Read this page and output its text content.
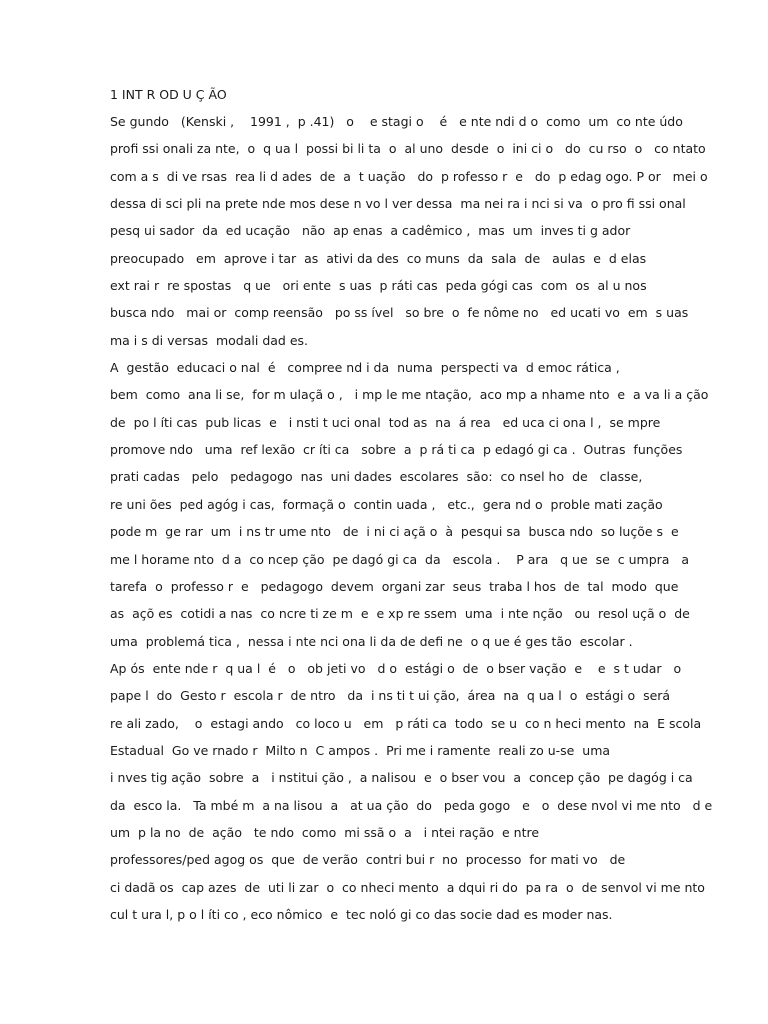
1 INT R OD U Ç ÃO
Se gundo   (Kenski ,    1991 ,  p .41)   o    e stagi o    é   e nte ndi d o  como  um  co nte údo
profi ssi onali za nte,  o  q ua l  possi bi li ta  o  al uno  desde  o  ini ci o   do  cu rso  o   co ntato
com a s  di ve rsas  rea li d ades  de  a  t uação   do  p rofesso r  e   do  p edag ogo. P or   mei o
dessa di sci pli na prete nde mos dese n vo l ver dessa  ma nei ra i nci si va  o pro fi ssi onal
pesq ui sador  da  ed ucação   não  ap enas  a cadêmico ,  mas  um  inves ti g ador
preocupado   em  aprove i tar  as  ativi da des  co muns  da  sala  de   aulas  e  d elas
ext rai r  re spostas   q ue   ori ente  s uas  p ráti cas  peda gógi cas  com  os  al u nos
busca ndo   mai or  comp reensão   po ss ível   so bre  o  fe nôme no   ed ucati vo  em  s uas
ma i s di versas  modali dad es.
A  gestão  educaci o nal  é   compree nd i da  numa  perspecti va  d emoc rática ,
bem  como  ana li se,  for m ulaçã o ,   i mp le me ntação,  aco mp a nhame nto  e  a va li a ção
de  po l íti cas  pub licas  e   i nsti t uci onal  tod as  na  á rea   ed uca ci ona l ,  se mpre
promove ndo   uma  ref lexão  cr íti ca   sobre  a  p rá ti ca  p edagó gi ca .  Outras  funções
prati cadas   pelo   pedagogo  nas  uni dades  escolares  são:  co nsel ho  de   classe,
re uni ões  ped agóg i cas,  formaçã o  contin uada ,   etc.,  gera nd o  proble mati zação
pode m  ge rar  um  i ns tr ume nto   de  i ni ci açã o  à  pesqui sa  busca ndo  so luçõe s  e
me l horame nto  d a  co ncep ção  pe dagó gi ca  da   escola .    P ara   q ue  se  c umpra   a
tarefa  o  professo r  e   pedagogo  devem  organi zar  seus  traba l hos  de  tal  modo  que
as  açõ es  cotidi a nas  co ncre ti ze m  e  e xp re ssem  uma  i nte nção   ou  resol uçã o  de
uma  problemá tica ,  nessa i nte nci ona li da de defi ne  o q ue é ges tão  escolar .
Ap ós  ente nde r  q ua l  é   o   ob jeti vo   d o  estági o  de  o bser vação  e    e  s t udar   o
pape l  do  Gesto r  escola r  de ntro   da  i ns ti t ui ção,  área  na  q ua l  o  estági o  será
re ali zado,    o  estagi ando   co loco u   em   p ráti ca  todo  se u  co n heci mento  na  E scola
Estadual  Go ve rnado r  Milto n  C ampos .  Pri me i ramente  reali zo u-se  uma
i nves tig ação  sobre  a   i nstitui ção ,  a nalisou  e  o bser vou  a  concep ção  pe dagóg i ca
da  esco la.   Ta mbé m  a na lisou  a   at ua ção  do   peda gogo   e   o  dese nvol vi me nto   d e
um  p la no  de  ação   te ndo  como  mi ssã o  a   i ntei ração  e ntre
professores/ped agog os  que  de verão  contri bui r  no  processo  for mati vo   de
ci dadã os  cap azes  de  uti li zar  o  co nheci mento  a dqui ri do  pa ra  o  de senvol vi me nto
cul t ura l, p o l íti co , eco nômico  e  tec noló gi co das socie dad es moder nas.
